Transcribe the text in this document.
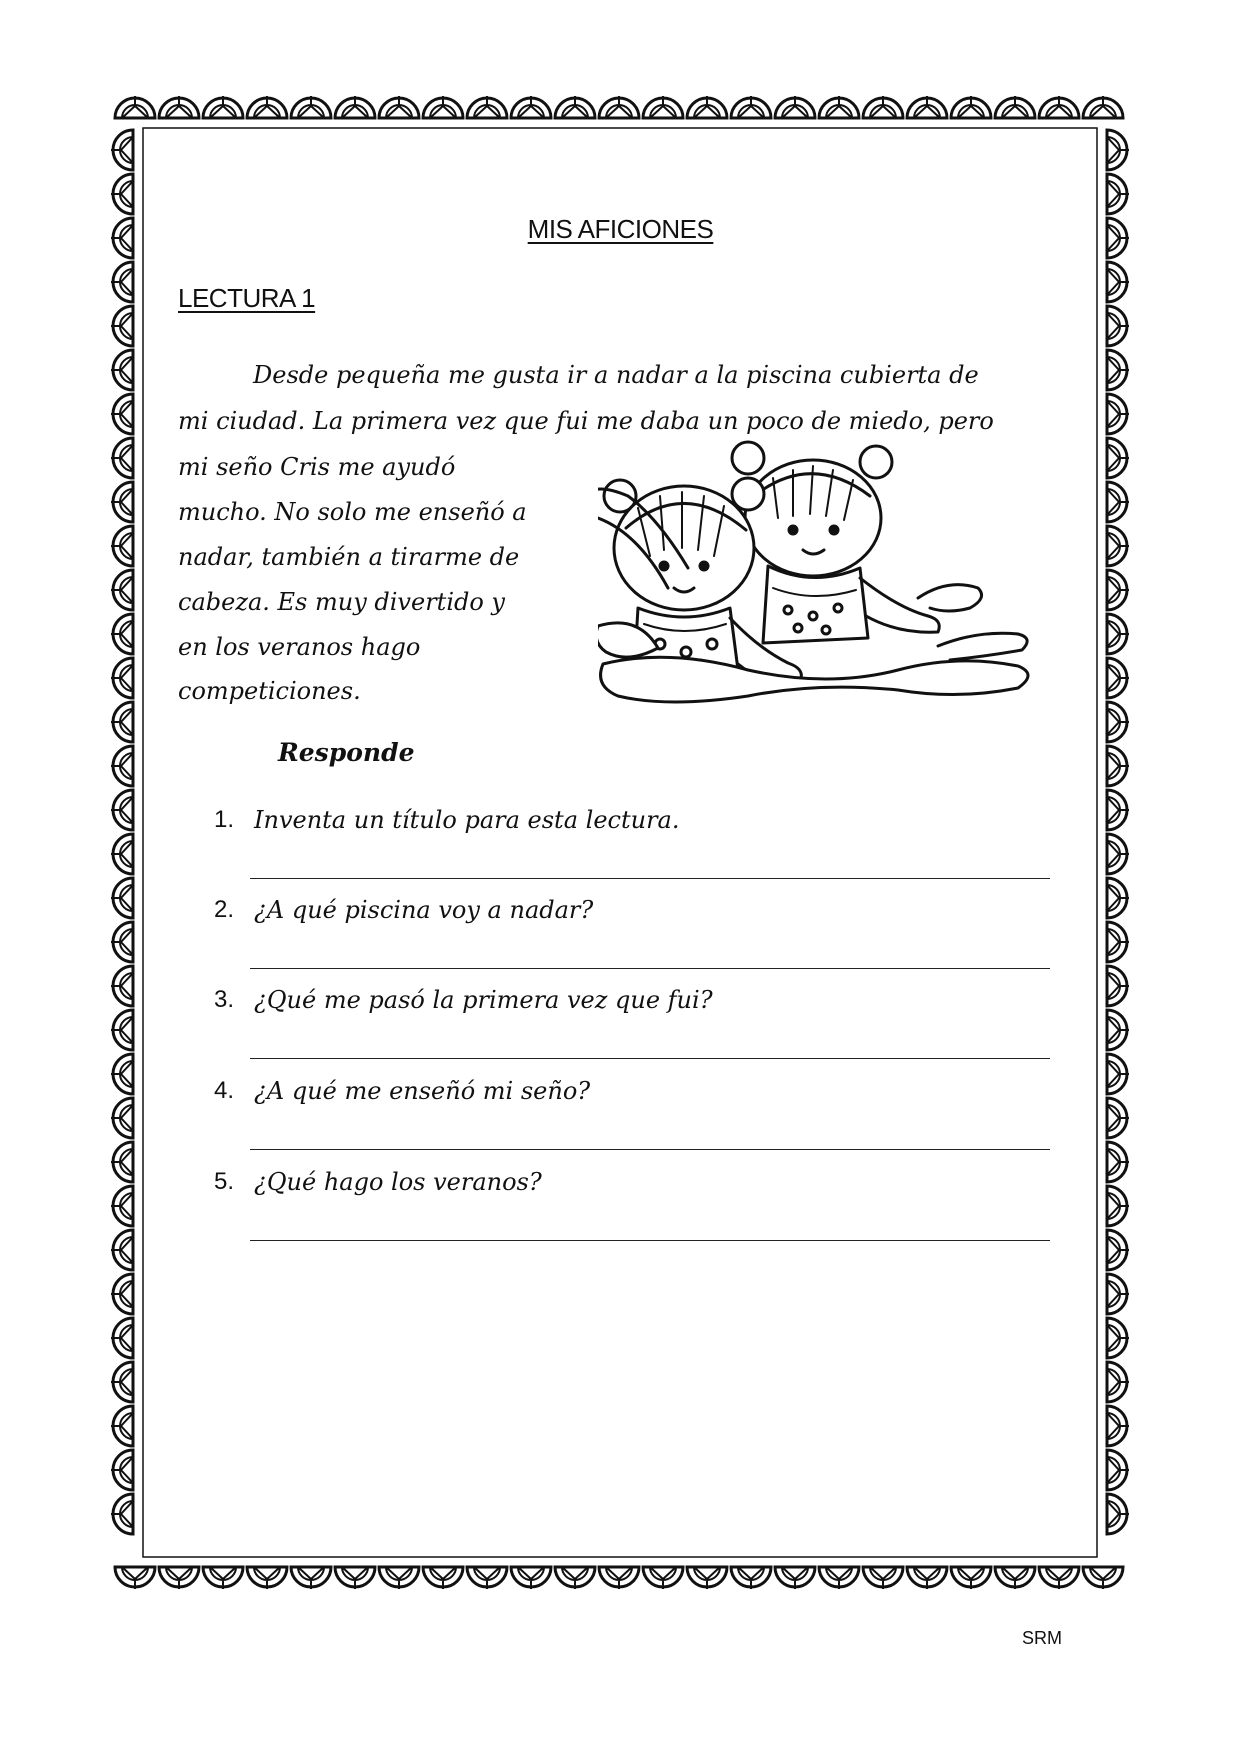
MIS AFICIONES
LECTURA 1
Desde pequeña me gusta ir a nadar a la piscina cubierta de
mi ciudad. La primera vez que fui me daba un poco de miedo, pero
mi seño Cris me ayudó
mucho. No solo me enseñó a
nadar, también a tirarme de
cabeza. Es muy divertido y
en los veranos hago
competiciones.
Responde
1. Inventa un título para esta lectura.
2. ¿A qué piscina voy a nadar?
3. ¿Qué me pasó la primera vez que fui?
4. ¿A qué me enseñó mi seño?
5. ¿Qué hago los veranos?
SRM
